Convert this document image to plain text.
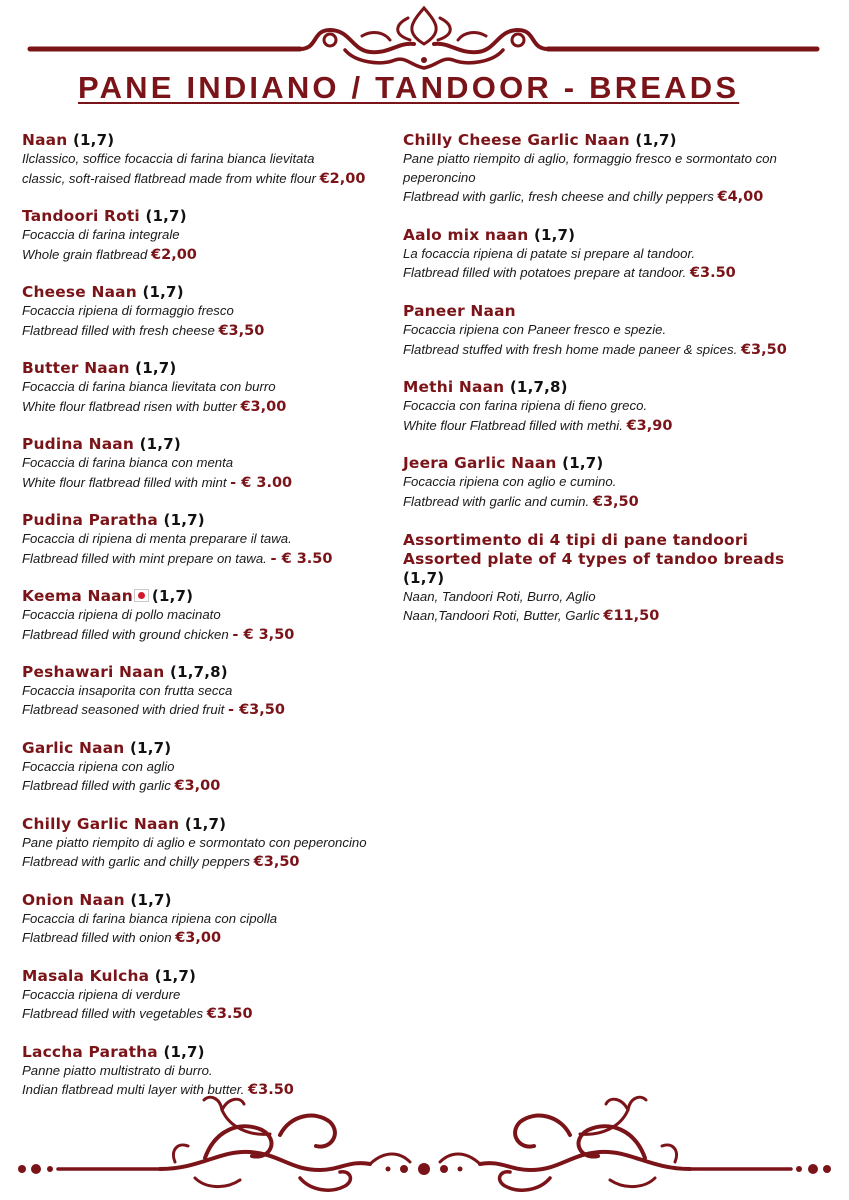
PANE INDIANO / TANDOOR - BREADS

Naan (1,7)

Ilclassico, soffice focaccia di farina bianca lievitata

classic, soft-raised flatbread made from white flour €2,00

Tandoori Roti (1,7)

Focaccia di farina integrale

Whole grain flatbread €2,00

Cheese Naan (1,7)

Focaccia ripiena di formaggio fresco

Flatbread filled with fresh cheese €3,50

Butter Naan (1,7)

Focaccia di farina bianca lievitata con burro

White flour flatbread risen with butter €3,00

Pudina Naan (1,7)

Focaccia di farina bianca con menta

White flour flatbread filled with mint - € 3.00

Pudina Paratha (1,7)

Focaccia di ripiena di menta preparare il tawa.

Flatbread filled with mint prepare on tawa. - € 3.50

Keema Naan (1,7)

Focaccia ripiena di pollo macinato

Flatbread filled with ground chicken - € 3,50

Peshawari Naan (1,7,8)

Focaccia insaporita con frutta secca

Flatbread seasoned with dried fruit - €3,50

Garlic Naan (1,7)

Focaccia ripiena con aglio

Flatbread filled with garlic €3,00

Chilly Garlic Naan (1,7)

Pane piatto riempito di aglio e sormontato con peperoncino

Flatbread with garlic and chilly peppers €3,50

Onion Naan (1,7)

Focaccia di farina bianca ripiena con cipolla

Flatbread filled with onion €3,00

Masala Kulcha (1,7)

Focaccia ripiena di verdure

Flatbread filled with vegetables €3.50

Laccha Paratha (1,7)

Panne piatto multistrato di burro.

Indian flatbread multi layer with butter. €3.50

Chilly Cheese Garlic Naan (1,7)

Pane piatto riempito di aglio, formaggio fresco e sormontato con peperoncino

Flatbread with garlic, fresh cheese and chilly peppers €4,00

Aalo mix naan (1,7)

La focaccia ripiena di patate si prepare al tandoor.

Flatbread filled with potatoes prepare at tandoor. €3.50

Paneer Naan

Focaccia ripiena con Paneer fresco e spezie.

Flatbread stuffed with fresh home made paneer & spices. €3,50

Methi Naan (1,7,8)

Focaccia con farina ripiena di fieno greco.

White flour Flatbread filled with methi. €3,90

Jeera Garlic Naan (1,7)

Focaccia ripiena con aglio e cumino.

Flatbread with garlic and cumin. €3,50

Assortimento di 4 tipi di pane tandoori Assorted plate of 4 types of tandoo breads (1,7)

Naan, Tandoori Roti, Burro, Aglio

Naan,Tandoori Roti, Butter, Garlic €11,50
